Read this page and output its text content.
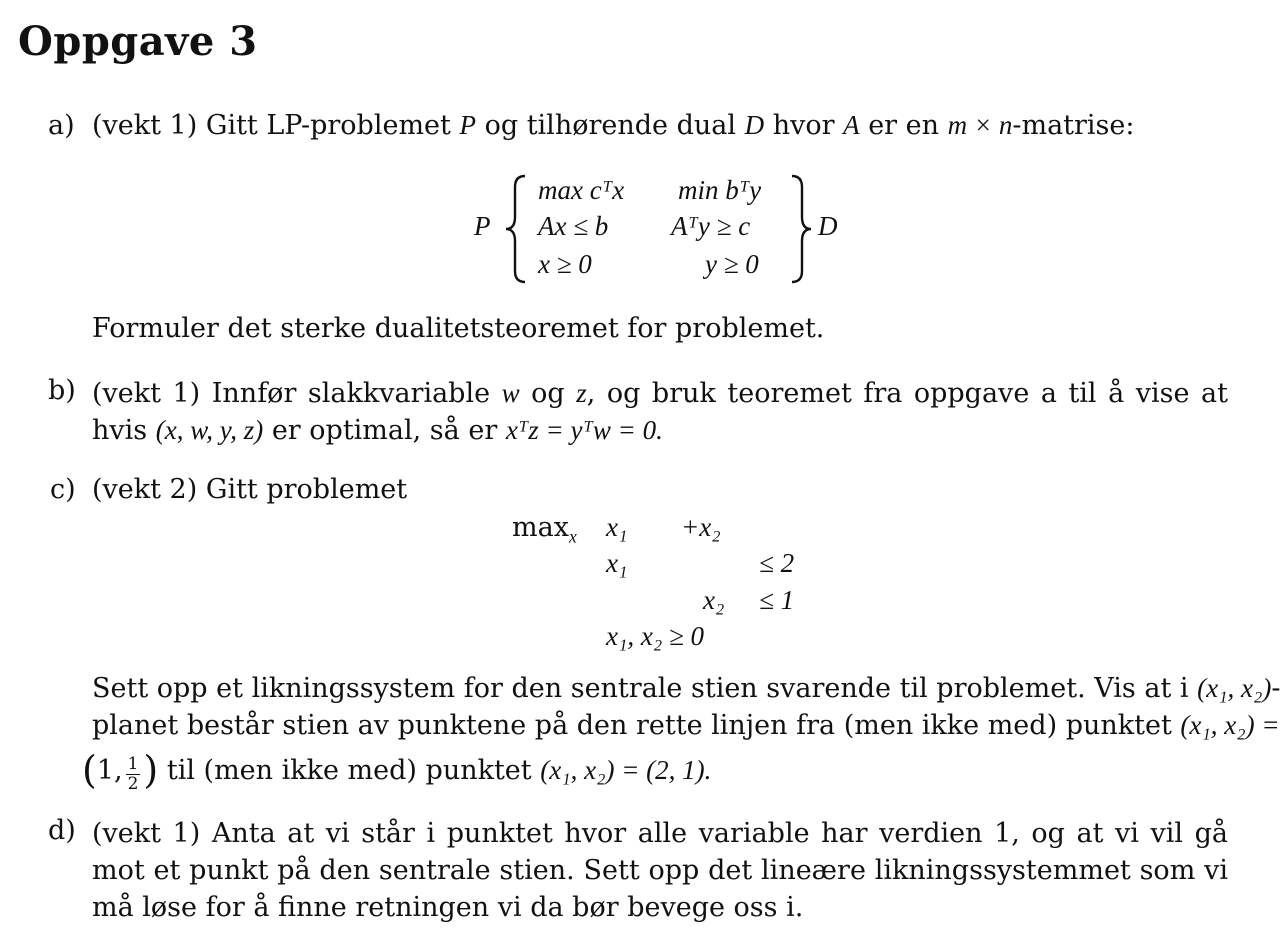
Oppgave 3
a) (vekt 1) Gitt LP-problemet P og tilhørende dual D hvor A er en m × n-matrise:
P
max cᵀx
Ax ≤ b
x ≥ 0
min bᵀy
Aᵀy ≥ c
y ≥ 0
D
Formuler det sterke dualitetsteoremet for problemet.
b) (vekt 1) Innfør slakkvariable w og z, og bruk teoremet fra oppgave a til å vise at hvis (x, w, y, z) er optimal, så er xᵀz = yᵀw = 0.
c) (vekt 2) Gitt problemet
$\max_x x_1 +x_2$
x₁	≤ 2
x₂ ≤ 1
x₁, x₂ ≥ 0
Sett opp et likningssystem for den sentrale stien svarende til problemet. Vis at i (x₁, x₂)-
planet består stien av punktene på den rette linjen fra (men ikke med) punktet (x₁, x₂) =
(1, $\frac{1}{2}$ ) til (men ikke med) punktet (x₁, x₂) = (2, 1).
d) (vekt 1) Anta at vi står i punktet hvor alle variable har verdien 1, og at vi vil gå mot et punkt på den sentrale stien. Sett opp det lineære likningssystemmet som vi må løse for å finne retningen vi da bør bevege oss i.
